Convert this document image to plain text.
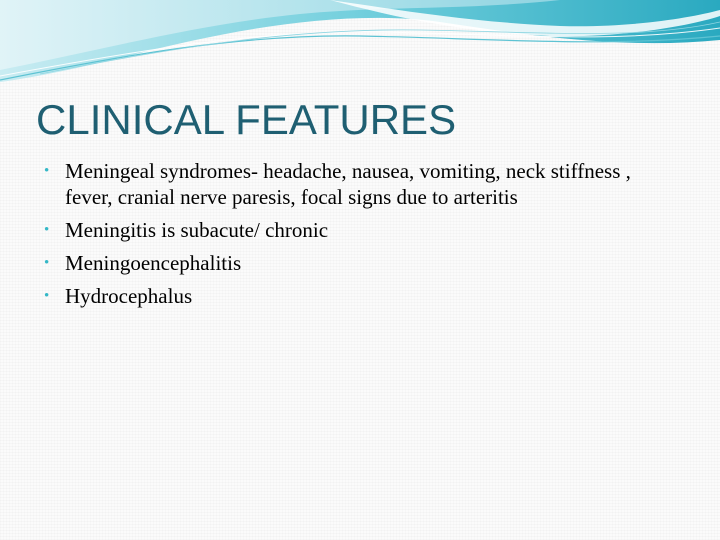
CLINICAL FEATURES
• Meningeal syndromes- headache, nausea, vomiting, neck stiffness , fever, cranial nerve paresis, focal signs due to arteritis
• Meningitis is subacute/ chronic
• Meningoencephalitis
• Hydrocephalus
